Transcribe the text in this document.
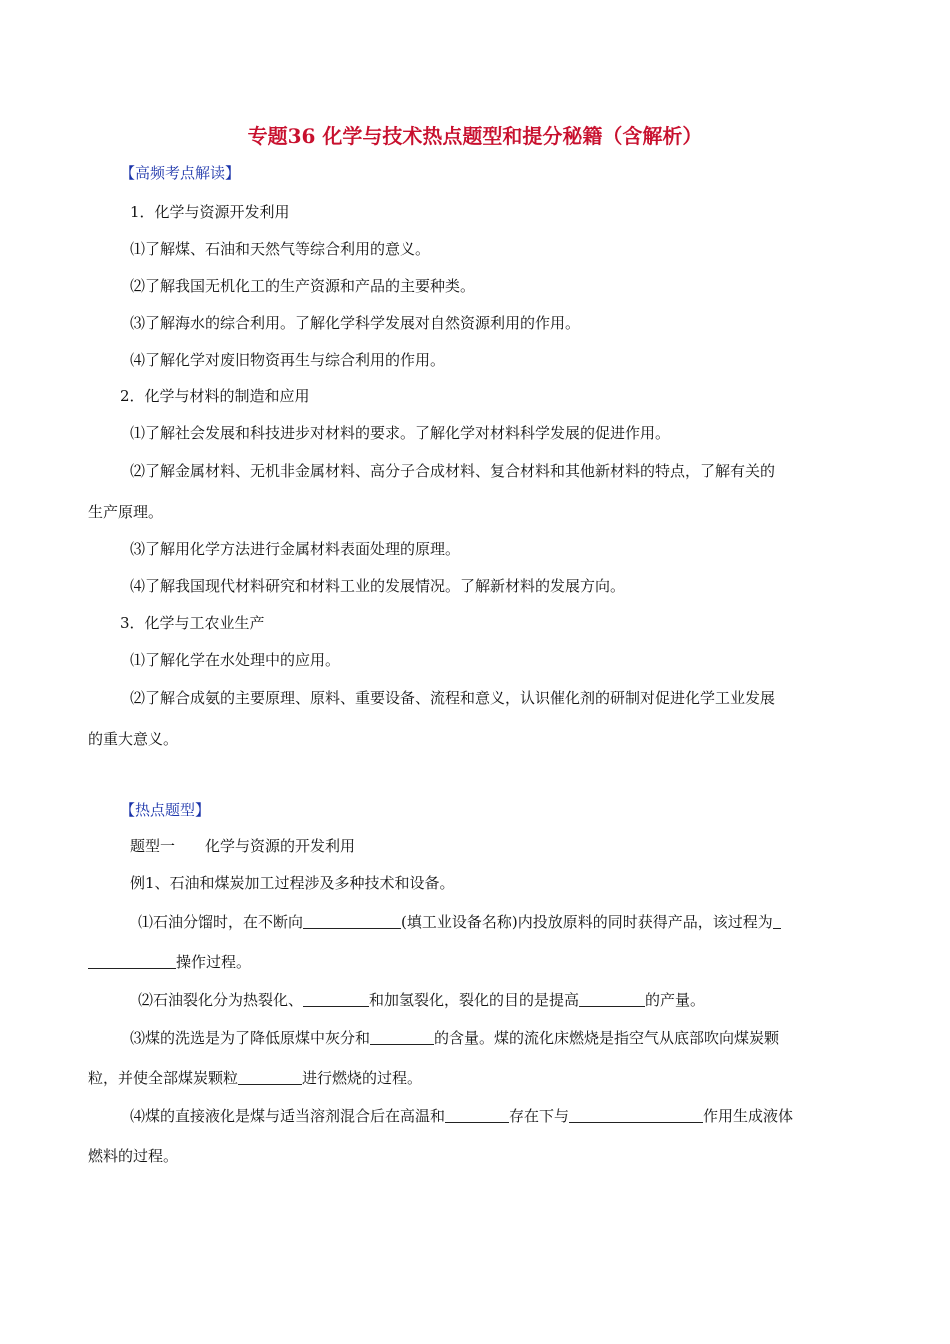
专题36 化学与技术热点题型和提分秘籍（含解析）
【高频考点解读】
1．化学与资源开发利用
⑴了解煤、石油和天然气等综合利用的意义。
⑵了解我国无机化工的生产资源和产品的主要种类。
⑶了解海水的综合利用。了解化学科学发展对自然资源利用的作用。
⑷了解化学对废旧物资再生与综合利用的作用。
2．化学与材料的制造和应用
⑴了解社会发展和科技进步对材料的要求。了解化学对材料科学发展的促进作用。
⑵了解金属材料、无机非金属材料、高分子合成材料、复合材料和其他新材料的特点，了解有关的
生产原理。
⑶了解用化学方法进行金属材料表面处理的原理。
⑷了解我国现代材料研究和材料工业的发展情况。了解新材料的发展方向。
3．化学与工农业生产
⑴了解化学在水处理中的应用。
⑵了解合成氨的主要原理、原料、重要设备、流程和意义，认识催化剂的研制对促进化学工业发展
的重大意义。
【热点题型】
题型一　　化学与资源的开发利用
例1、石油和煤炭加工过程涉及多种技术和设备。
⑴石油分馏时，在不断向	(填工业设备名称)内投放原料的同时获得产品，该过程为
操作过程。
⑵石油裂化分为热裂化、	和加氢裂化，裂化的目的是提高	的产量。
⑶煤的洗选是为了降低原煤中灰分和	的含量。煤的流化床燃烧是指空气从底部吹向煤炭颗
粒，并使全部煤炭颗粒	进行燃烧的过程。
⑷煤的直接液化是煤与适当溶剂混合后在高温和	存在下与	作用生成液体
燃料的过程。
